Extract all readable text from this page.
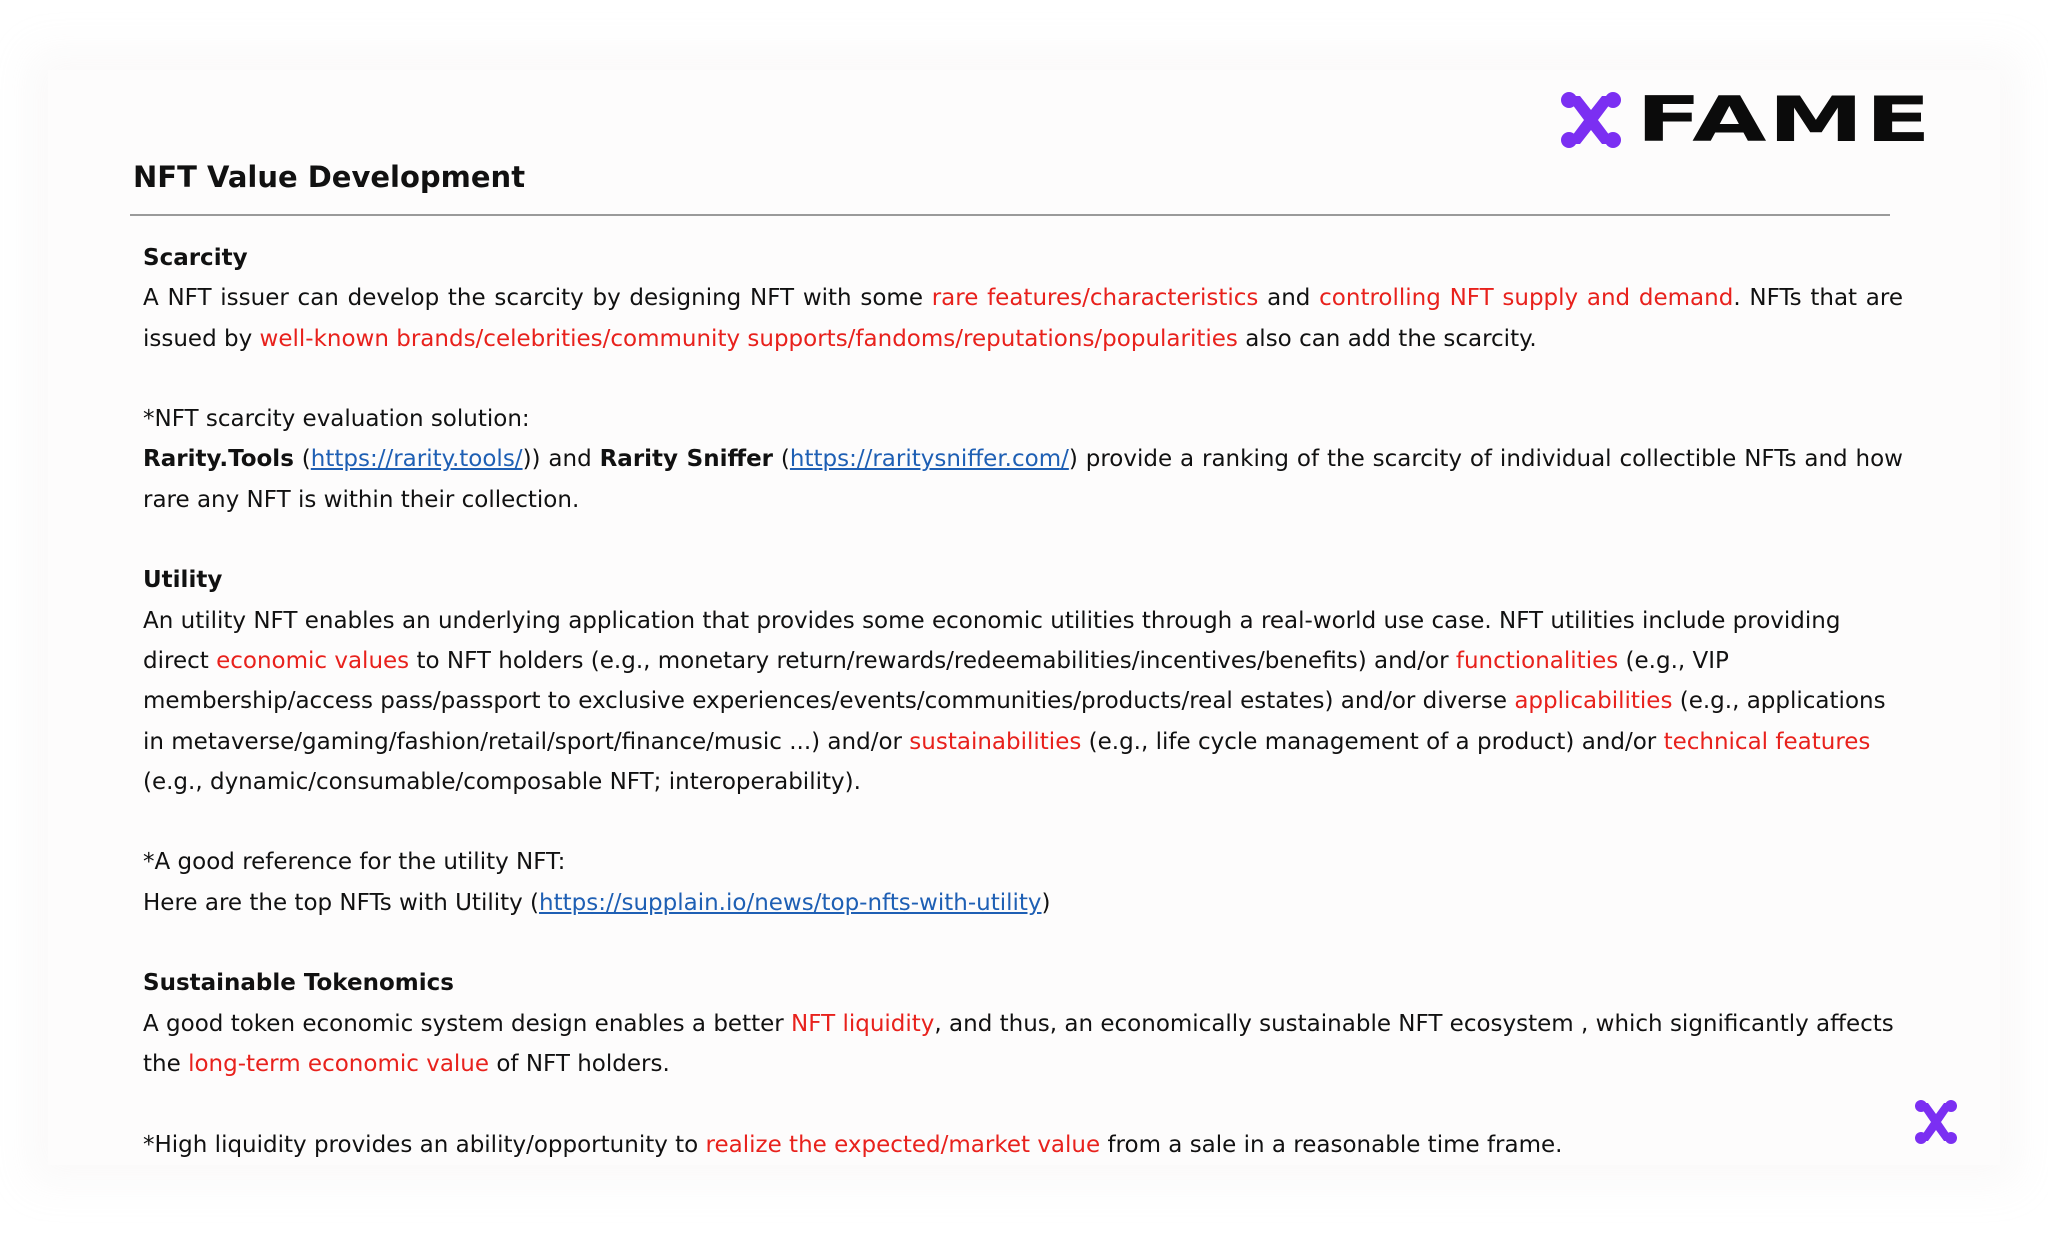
FAME
NFT Value Development

Scarcity

A NFT issuer can develop the scarcity by designing NFT with some rare features/characteristics and controlling NFT supply and demand. NFTs that are issued by well-known brands/celebrities/community supports/fandoms/reputations/popularities also can add the scarcity.

*NFT scarcity evaluation solution:

Rarity.Tools (https://rarity.tools/)) and Rarity Sniffer (https://raritysniffer.com/) provide a ranking of the scarcity of individual collectible NFTs and how rare any NFT is within their collection.

Utility

An utility NFT enables an underlying application that provides some economic utilities through a real-world use case. NFT utilities include providing direct economic values to NFT holders (e.g., monetary return/rewards/redeemabilities/incentives/benefits) and/or functionalities (e.g., VIP membership/access pass/passport to exclusive experiences/events/communities/products/real estates) and/or diverse applicabilities (e.g., applications in metaverse/gaming/fashion/retail/sport/finance/music ...) and/or sustainabilities (e.g., life cycle management of a product) and/or technical features (e.g., dynamic/consumable/composable NFT; interoperability).

*A good reference for the utility NFT:

Here are the top NFTs with Utility (https://supplain.io/news/top-nfts-with-utility)

Sustainable Tokenomics

A good token economic system design enables a better NFT liquidity, and thus, an economically sustainable NFT ecosystem , which significantly affects the long-term economic value of NFT holders.

*High liquidity provides an ability/opportunity to realize the expected/market value from a sale in a reasonable time frame.
